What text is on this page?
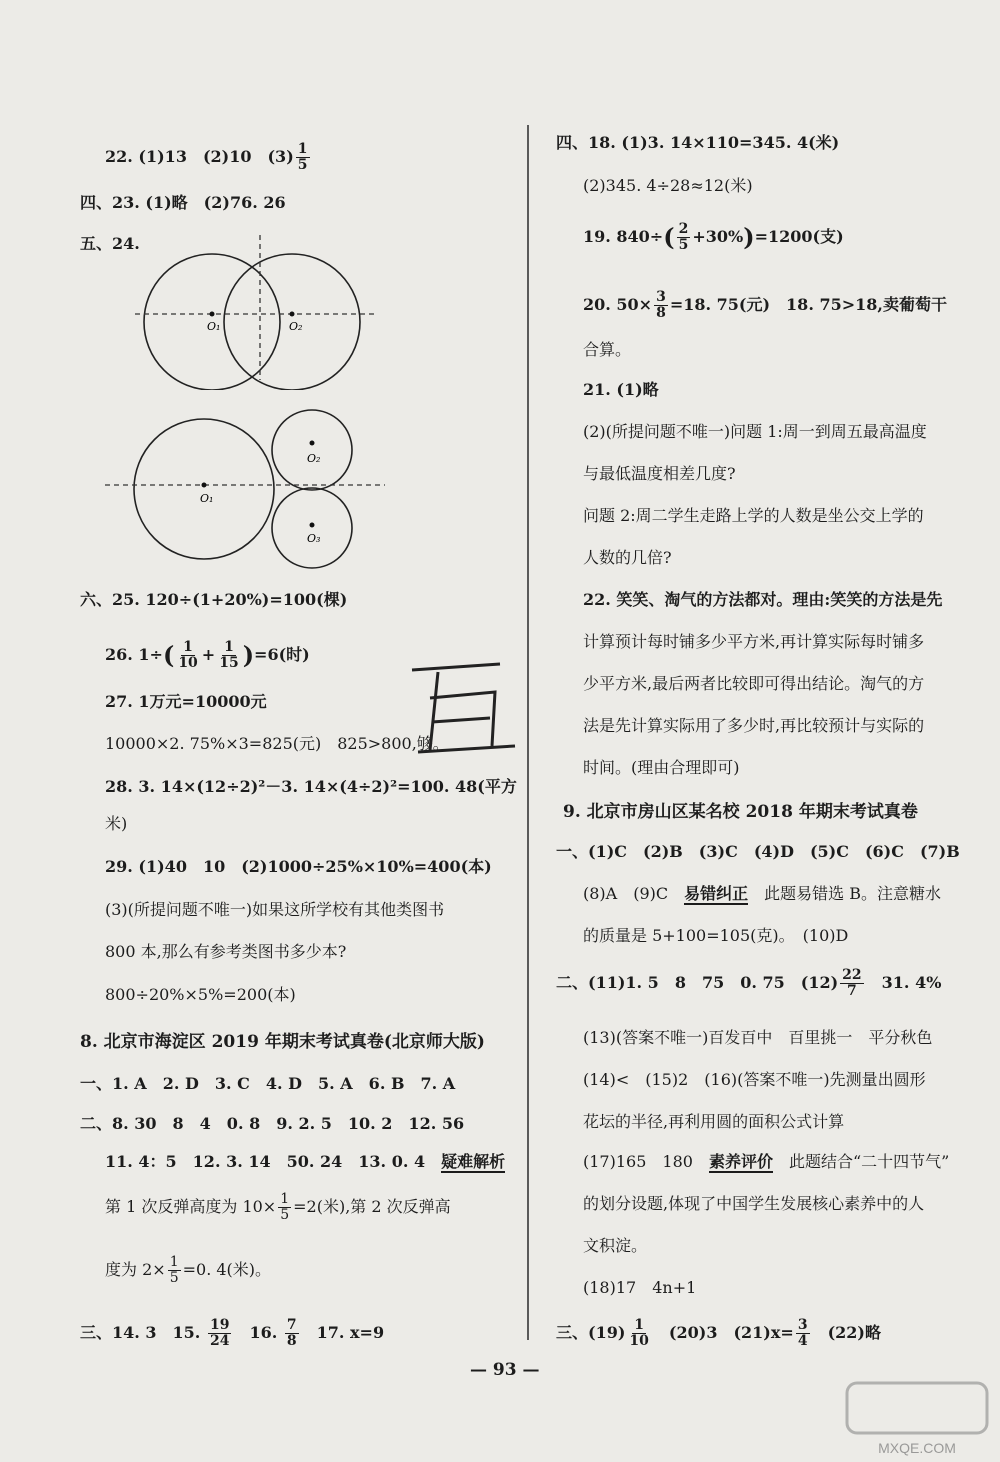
22. (1)13　(2)10　$(3) \frac{1}{5}$
四、23. (1)略　(2)76. 26
五、24.
O₁	O₂
O₁
O₂
O₃
六、25. 120÷(1+20%)=100(棵)
26. $1\div( \frac{1}{10} + \frac{1}{15} )=6$(时)
27. 1万元=10000元
10000×2. 75%×3=825(元)　825>800,够。
28. 3. 14×(12÷2)²－3. 14×(4÷2)²=100. 48(平方
米)
29. (1)40　10　(2)1000÷25%×10%=400(本)
(3)(所提问题不唯一)如果这所学校有其他类图书
800 本,那么有参考类图书多少本?
800÷20%×5%=200(本)
8. 北京市海淀区 2019 年期末考试真卷(北京师大版)
一、1. A　2. D　3. C　4. D　5. A　6. B　7. A
二、8. 30　8　4　0. 8　9. 2. 5　10. 2　12. 56
11. 4：5　12. 3. 14　50. 24　13. 0. 4　疑难解析
第 1 次反弹高度为 $10\times \frac{1}{5} =2$(米),第 2 次反弹高
度为 $2\times \frac{1}{5} =0$. 4(米)。
三、14. 3　15. $\frac{19}{24}$ 　16. $\frac{7}{8}$ 　17. x=9
四、18. (1)3. 14×110=345. 4(米)
(2)345. 4÷28≈12(米)
19. $840\div( \frac{2}{5} +30\%)=1200$(支)
20. $50\times \frac{3}{8} =18$. 75(元)　18. 75>18,卖葡萄干
合算。
21. (1)略
(2)(所提问题不唯一)问题 1:周一到周五最高温度
与最低温度相差几度?
问题 2:周二学生走路上学的人数是坐公交上学的
人数的几倍?
22. 笑笑、淘气的方法都对。理由:笑笑的方法是先
计算预计每时铺多少平方米,再计算实际每时铺多
少平方米,最后两者比较即可得出结论。淘气的方
法是先计算实际用了多少时,再比较预计与实际的
时间。(理由合理即可)
9. 北京市房山区某名校 2018 年期末考试真卷
一、(1)C　(2)B　(3)C　(4)D　(5)C　(6)C　(7)B
(8)A　(9)C　易错纠正　此题易错选 B。注意糖水
的质量是 5+100=105(克)。　(10)D
二、(11)1. 5　8　75　0. 75　$(12) \frac{22}{7}$ 　31. 4%
(13)(答案不唯一)百发百中　百里挑一　平分秋色
(14)<　(15)2　(16)(答案不唯一)先测量出圆形
花坛的半径,再利用圆的面积公式计算
(17)165　180　素养评价　此题结合“二十四节气”
的划分设题,体现了中国学生发展核心素养中的人
文积淀。
(18)17　4n+1
三、$(19) \frac{1}{10}$ 　(20)3　$(21)x= \frac{3}{4}$ 　(22)略
— 93 —
MXQE.COM
